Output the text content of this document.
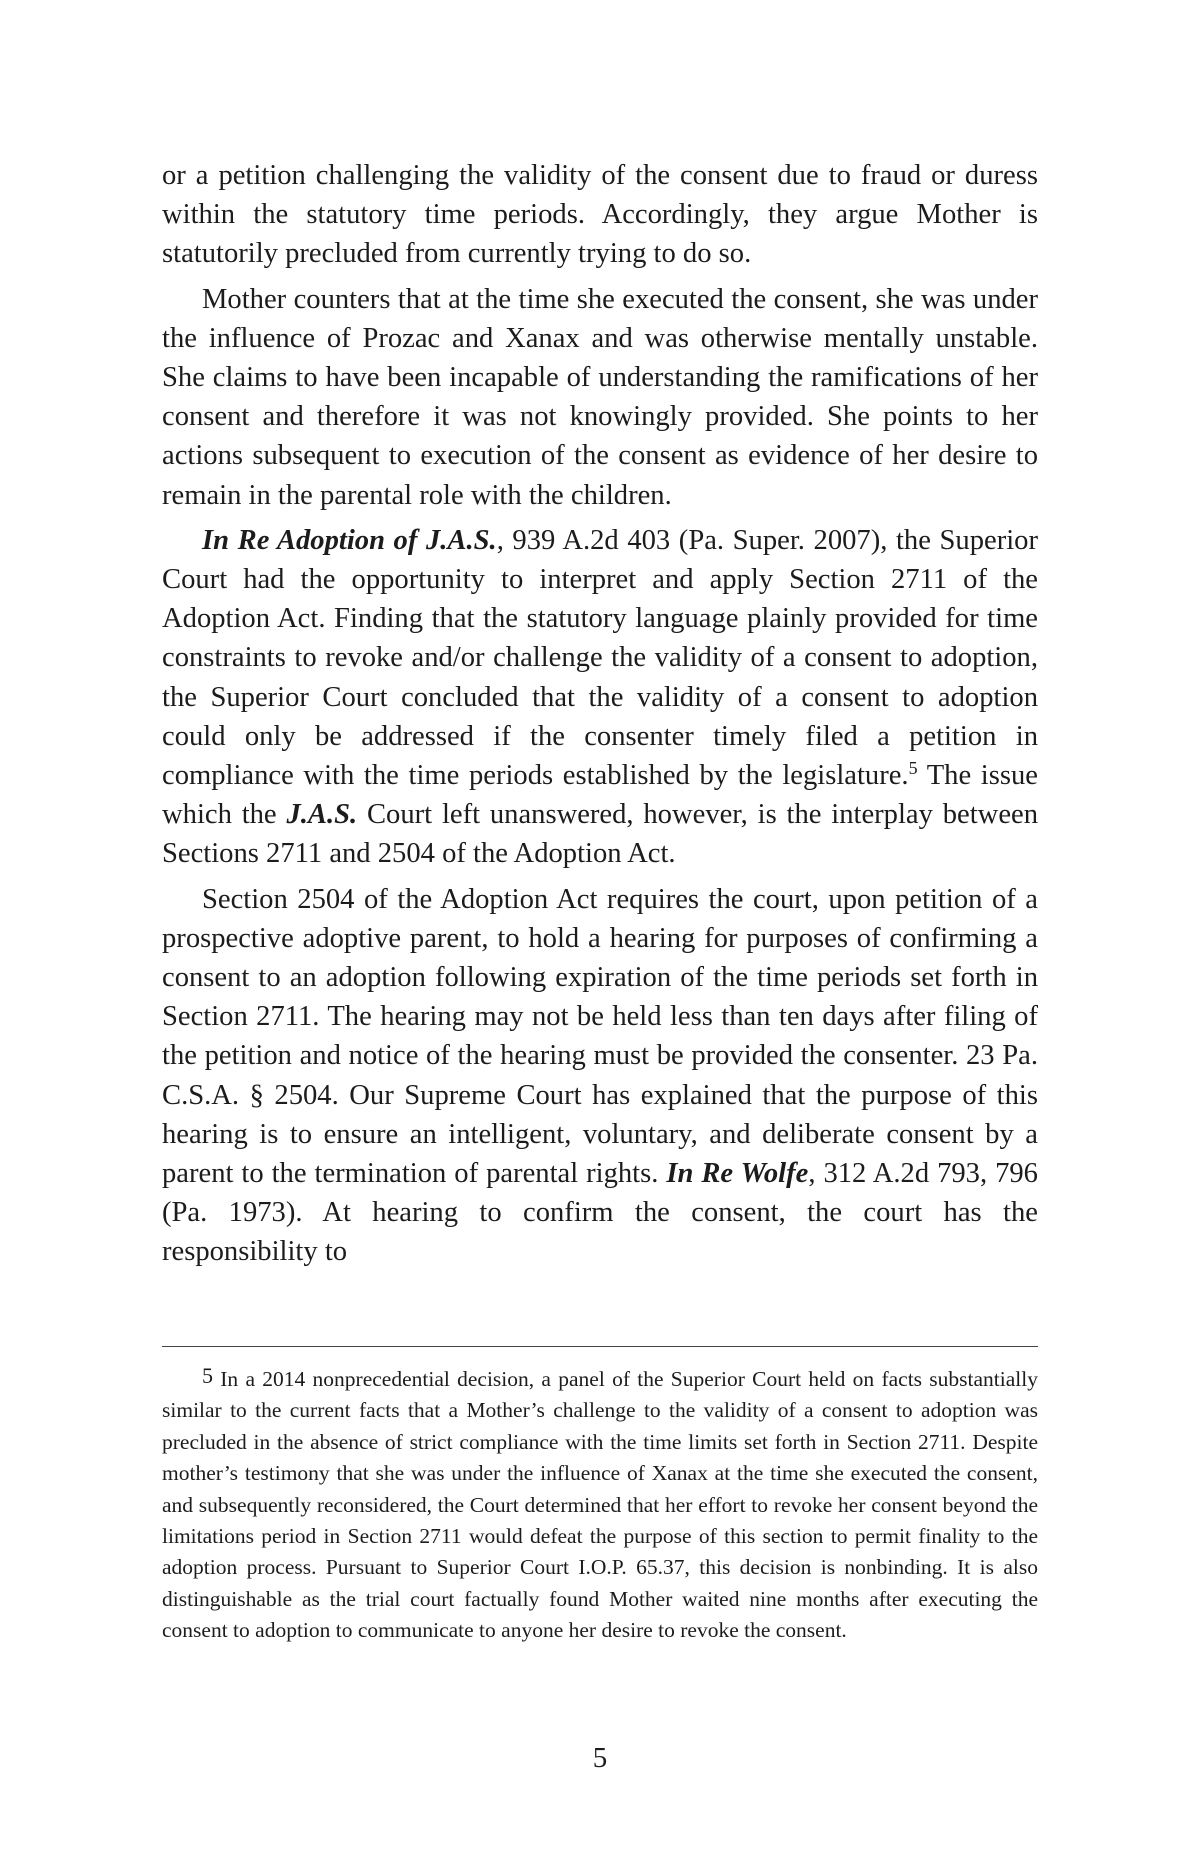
or a petition challenging the validity of the consent due to fraud or duress within the statutory time periods. Accordingly, they argue Mother is statutorily precluded from currently trying to do so.

Mother counters that at the time she executed the consent, she was under the influence of Prozac and Xanax and was otherwise mentally unstable. She claims to have been incapable of understanding the ramifications of her consent and therefore it was not knowingly provided. She points to her actions subsequent to execution of the consent as evidence of her desire to remain in the parental role with the children.

In Re Adoption of J.A.S., 939 A.2d 403 (Pa. Super. 2007), the Superior Court had the opportunity to interpret and apply Section 2711 of the Adoption Act. Finding that the statutory language plainly provided for time constraints to revoke and/or challenge the validity of a consent to adoption, the Superior Court concluded that the validity of a consent to adoption could only be addressed if the consenter timely filed a petition in compliance with the time periods established by the legislature.$^5$ The issue which the J.A.S. Court left unanswered, however, is the interplay between Sections 2711 and 2504 of the Adoption Act.

Section 2504 of the Adoption Act requires the court, upon petition of a prospective adoptive parent, to hold a hearing for purposes of confirming a consent to an adoption following expiration of the time periods set forth in Section 2711. The hearing may not be held less than ten days after filing of the petition and notice of the hearing must be provided the consenter. 23 Pa. C.S.A. § 2504. Our Supreme Court has explained that the purpose of this hearing is to ensure an intelligent, voluntary, and deliberate consent by a parent to the termination of parental rights. In Re Wolfe, 312 A.2d 793, 796 (Pa. 1973). At hearing to confirm the consent, the court has the responsibility to

5 In a 2014 nonprecedential decision, a panel of the Superior Court held on facts substantially similar to the current facts that a Mother’s challenge to the validity of a consent to adoption was precluded in the absence of strict compliance with the time limits set forth in Section 2711. Despite mother’s testimony that she was under the influence of Xanax at the time she executed the consent, and subsequently reconsidered, the Court determined that her effort to revoke her consent beyond the limitations period in Section 2711 would defeat the purpose of this section to permit finality to the adoption process. Pursuant to Superior Court I.O.P. 65.37, this decision is nonbinding. It is also distinguishable as the trial court factually found Mother waited nine months after executing the consent to adoption to communicate to anyone her desire to revoke the consent.
5
